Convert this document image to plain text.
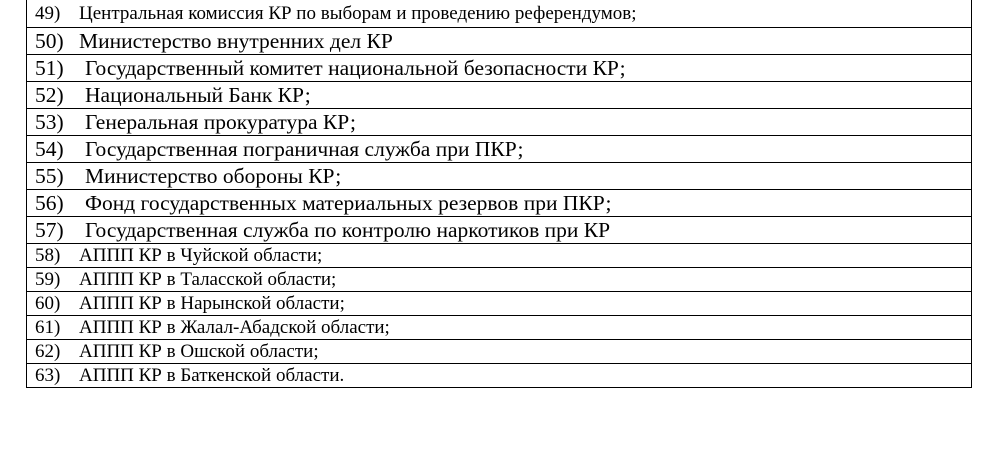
49) Центральная комиссия КР по выборам и проведению референдумов;
50) Министерство внутренних дел КР
51) Государственный комитет национальной безопасности КР;
52) Национальный Банк КР;
53) Генеральная прокуратура КР;
54) Государственная пограничная служба при ПКР;
55) Министерство обороны КР;
56) Фонд государственных материальных резервов при ПКР;
57) Государственная служба по контролю наркотиков при КР
58) АППП КР в Чуйской области;
59) АППП КР в Таласской области;
60) АППП КР в Нарынской области;
61) АППП КР в Жалал-Абадской области;
62) АППП КР в Ошской области;
63) АППП КР в Баткенской области.
